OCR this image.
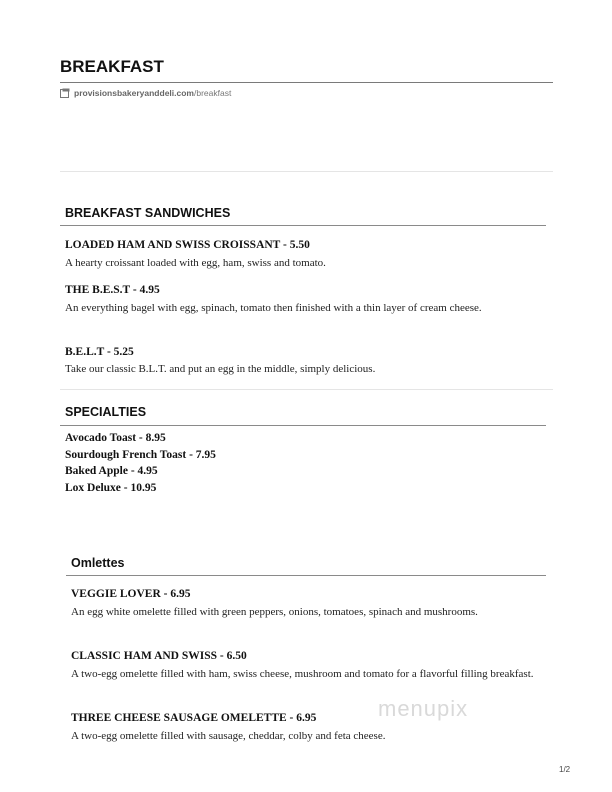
BREAKFAST
provisionsbakeryanddeli.com /breakfast
BREAKFAST SANDWICHES
LOADED HAM AND SWISS CROISSANT - 5.50
A hearty croissant loaded with egg, ham, swiss and tomato.
THE B.E.S.T - 4.95
An everything bagel with egg, spinach, tomato then finished with a thin layer of cream cheese.
B.E.L.T - 5.25
Take our classic B.L.T. and put an egg in the middle, simply delicious.
SPECIALTIES
Avocado Toast - 8.95
Sourdough French Toast - 7.95
Baked Apple - 4.95
Lox Deluxe - 10.95
Omlettes
VEGGIE LOVER - 6.95
An egg white omelette filled with green peppers, onions, tomatoes, spinach and mushrooms.
CLASSIC HAM AND SWISS - 6.50
A two-egg omelette filled with ham, swiss cheese, mushroom and tomato for a flavorful filling breakfast.
THREE CHEESE SAUSAGE OMELETTE - 6.95
A two-egg omelette filled with sausage, cheddar, colby and feta cheese.
menupix
1/2
